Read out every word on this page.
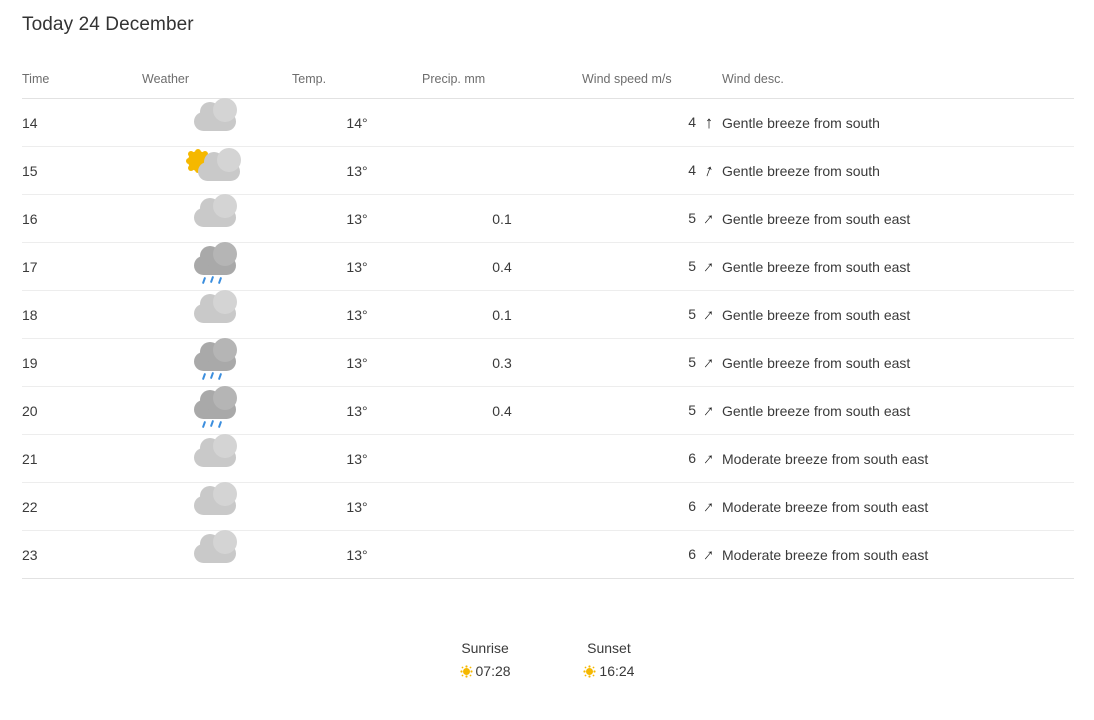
Today 24 December
Time	Weather	Temp.	Precip. mm	Wind speed m/s	Wind desc.
14		14°		4 ↑	Gentle breeze from south
15		13°		4 ↑	Gentle breeze from south
16		13°	0.1	5 ↑	Gentle breeze from south east
17		13°	0.4	5 ↑	Gentle breeze from south east
18		13°	0.1	5 ↑	Gentle breeze from south east
19		13°	0.3	5 ↑	Gentle breeze from south east
20		13°	0.4	5 ↑	Gentle breeze from south east
21		13°		6 ↑	Moderate breeze from south east
22		13°		6 ↑	Moderate breeze from south east
23		13°		6 ↑	Moderate breeze from south east
Sunrise
07:28
Sunset
16:24
